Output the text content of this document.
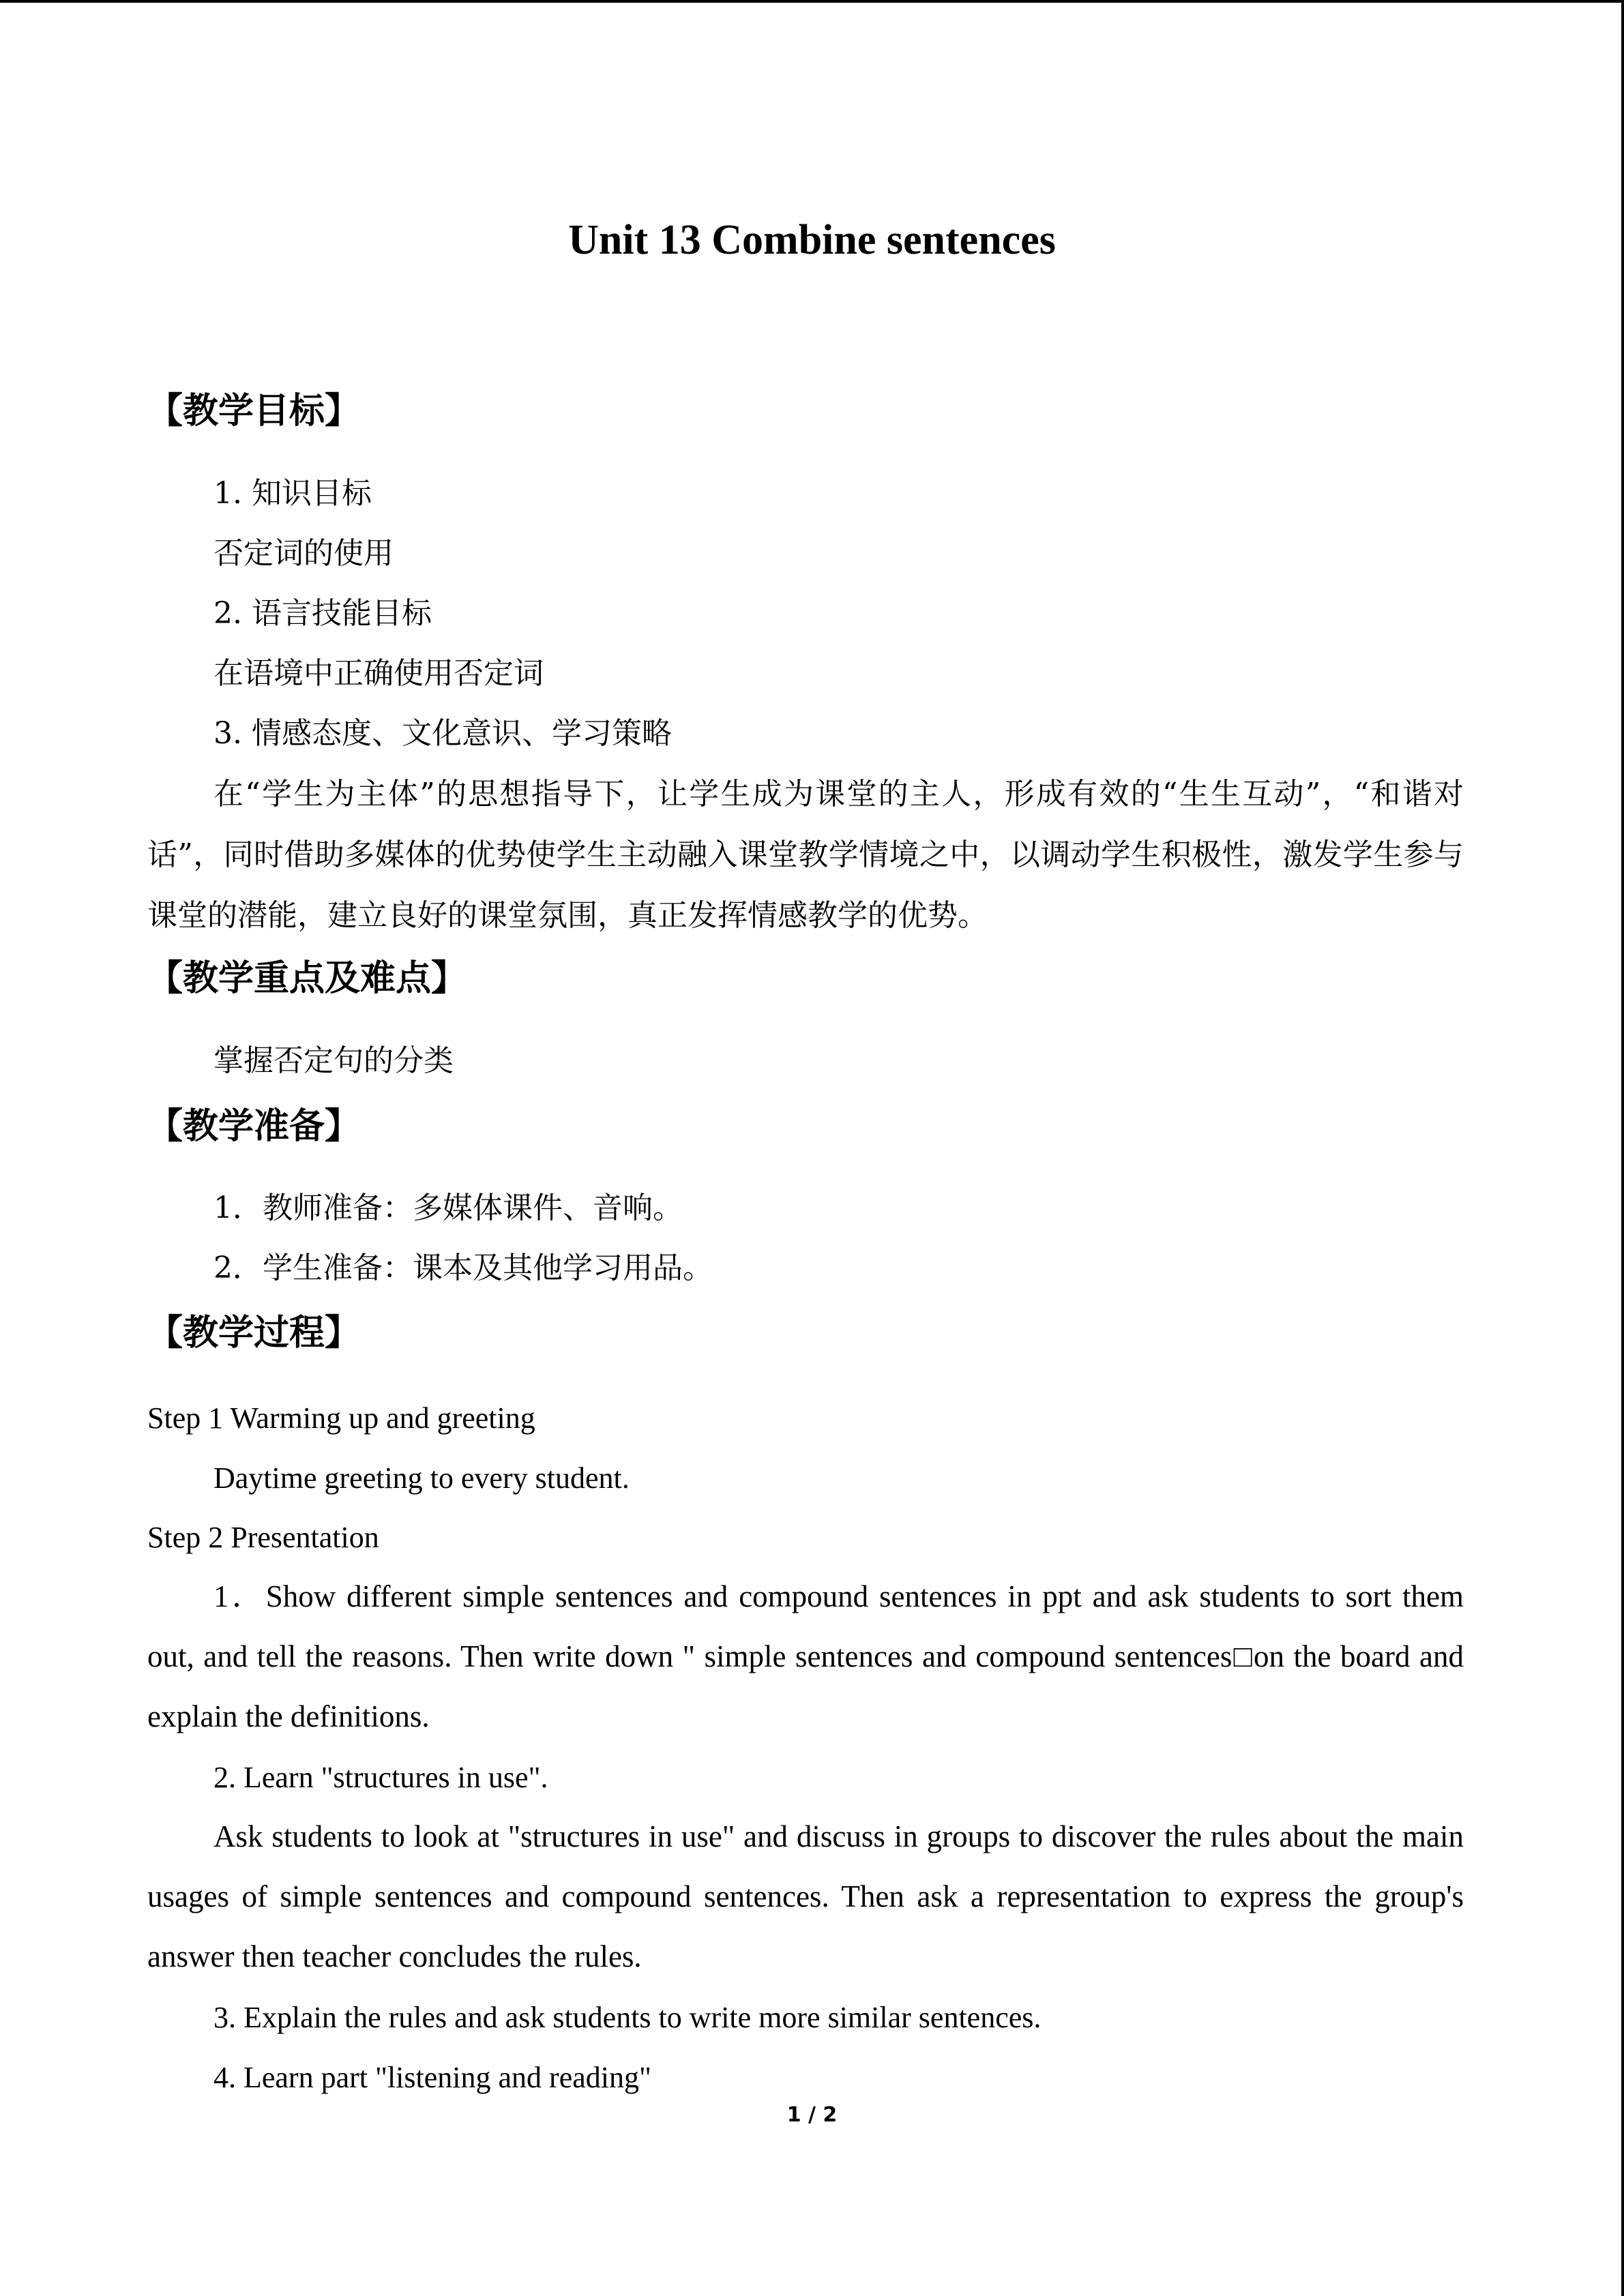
Unit 13 Combine sentences
【教学目标】
1. 知识目标
否定词的使用
2. 语言技能目标
在语境中正确使用否定词
3. 情感态度、文化意识、学习策略

在“学生为主体”的思想指导下，让学生成为课堂的主人，形成有效的“生生互动”，“和谐对话”，同时借助多媒体的优势使学生主动融入课堂教学情境之中，以调动学生积极性，激发学生参与课堂的潜能，建立良好的课堂氛围，真正发挥情感教学的优势。

【教学重点及难点】
掌握否定句的分类
【教学准备】
1．教师准备：多媒体课件、音响。
2．学生准备：课本及其他学习用品。
【教学过程】
Step 1 Warming up and greeting
Daytime greeting to every student.
Step 2 Presentation

1．Show different simple sentences and compound sentences in ppt and ask students to sort them out, and tell the reasons. Then write down " simple sentences and compound sentences□on the board and explain the definitions.

2. Learn "structures in use".

Ask students to look at "structures in use" and discuss in groups to discover the rules about the main usages of simple sentences and compound sentences. Then ask a representation to express the group's answer then teacher concludes the rules.

3. Explain the rules and ask students to write more similar sentences.
4. Learn part "listening and reading"
1 / 2
